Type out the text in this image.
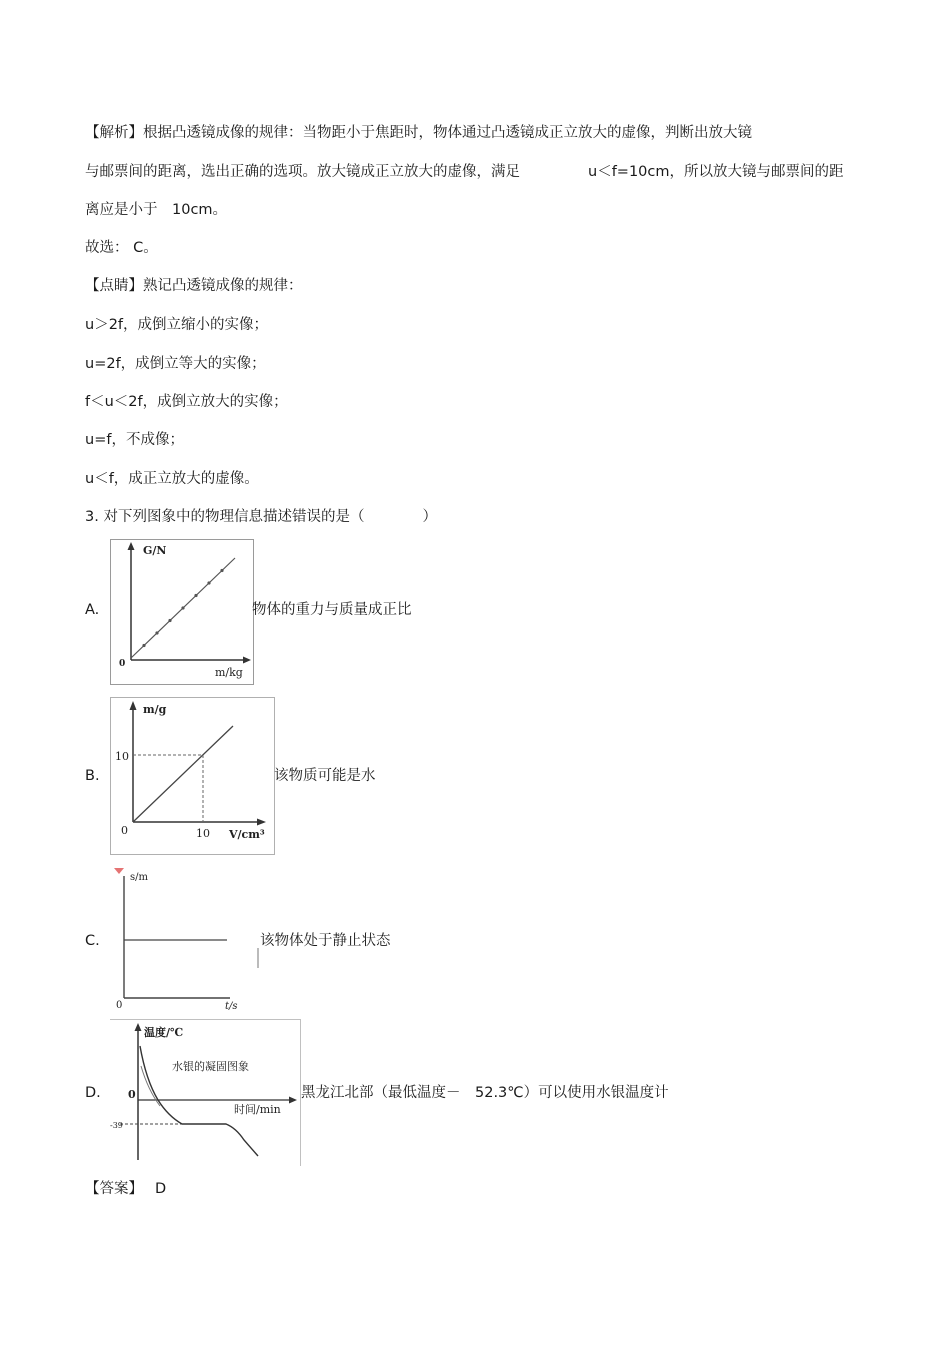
【解析】根据凸透镜成像的规律：当物距小于焦距时，物体通过凸透镜成正立放大的虚像，判断出放大镜
与邮票间的距离，选出正确的选项。放大镜成正立放大的虚像，满足	u＜f=10cm，所以放大镜与邮票间的距
离应是小于　10cm。
故选： C。
【点睛】熟记凸透镜成像的规律：
u＞2f，成倒立缩小的实像；
u=2f，成倒立等大的实像；
f＜u＜2f，成倒立放大的实像；
u=f，不成像；
u＜f，成正立放大的虚像。
3. 对下列图象中的物理信息描述错误的是（　　　　）
A.
G/N
m/kg
0
物体的重力与质量成正比
B.
m/g
V/cm³
10
10
0
该物质可能是水
C.
s/m
t/s
0
该物体处于静止状态
D.
温度/℃
水银的凝固图象
时间/min
0
-39
黑龙江北部（最低温度－　52.3℃）可以使用水银温度计
【答案】 D
